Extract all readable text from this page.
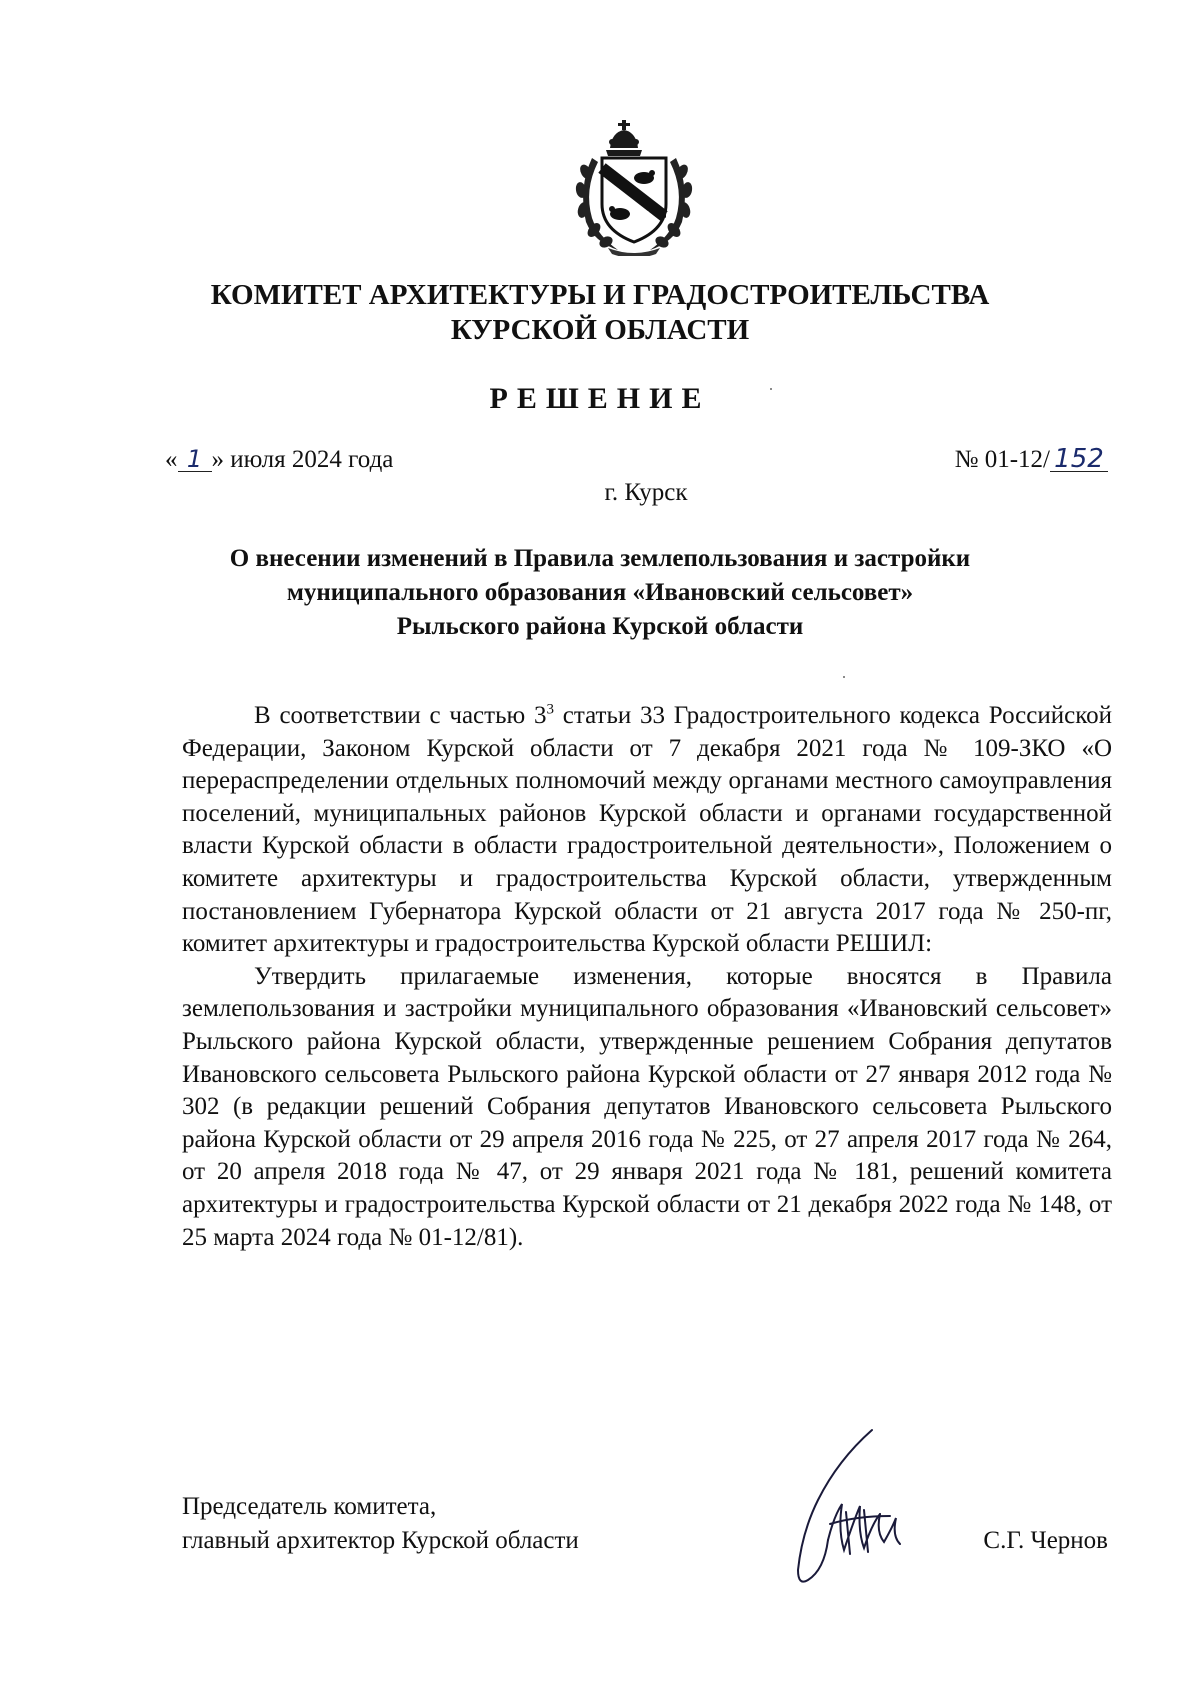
КОМИТЕТ АРХИТЕКТУРЫ И ГРАДОСТРОИТЕЛЬСТВА
КУРСКОЙ ОБЛАСТИ
РЕШЕНИЕ
« 1 » июля 2024 года	№ 01-12/ 152
г. Курск

О внесении изменений в Правила землепользования и застройки

муниципального образования «Ивановский сельсовет»

Рыльского района Курской области

В соответствии с частью $3^3$ статьи 33 Градостроительного кодекса Российской Федерации, Законом Курской области от 7 декабря 2021 года № 109-ЗКО «О перераспределении отдельных полномочий между органами местного самоуправления поселений, муниципальных районов Курской области и органами государственной власти Курской области в области градостроительной деятельности», Положением о комитете архитектуры и градостроительства Курской области, утвержденным постановлением Губернатора Курской области от 21 августа 2017 года № 250-пг, комитет архитектуры и градостроительства Курской области РЕШИЛ:

Утвердить прилагаемые изменения, которые вносятся в Правила землепользования и застройки муниципального образования «Ивановский сельсовет» Рыльского района Курской области, утвержденные решением Собрания депутатов Ивановского сельсовета Рыльского района Курской области от 27 января 2012 года № 302 (в редакции решений Собрания депутатов Ивановского сельсовета Рыльского района Курской области от 29 апреля 2016 года № 225, от 27 апреля 2017 года № 264, от 20 апреля 2018 года № 47, от 29 января 2021 года № 181, решений комитета архитектуры и градостроительства Курской области от 21 декабря 2022 года № 148, от 25 марта 2024 года № 01-12/81).

Председатель комитета,
главный архитектор Курской области	С.Г. Чернов
